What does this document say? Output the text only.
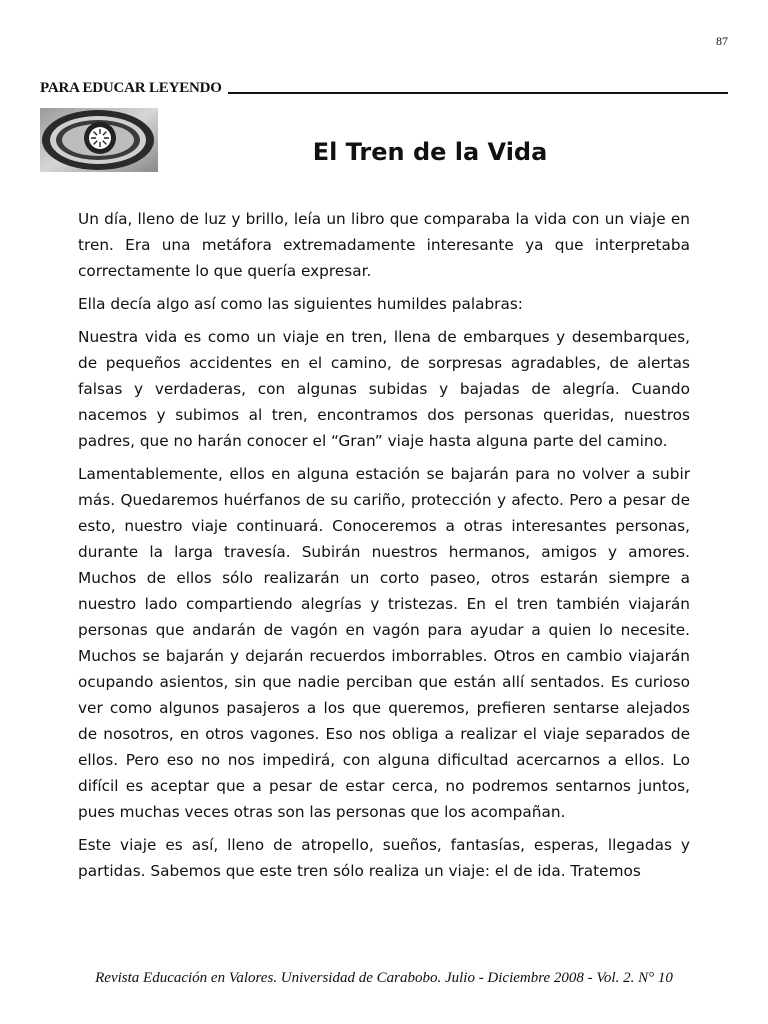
87
PARA EDUCAR LEYENDO
El Tren de la Vida

Un día, lleno de luz y brillo, leía un libro que comparaba la vida con un viaje en tren. Era una metáfora extremadamente interesante ya que interpretaba correctamente lo que quería expresar.

Ella decía algo así como las siguientes humildes palabras:

Nuestra vida es como un viaje en tren, llena de embarques y desembarques, de pequeños accidentes en el camino, de sorpresas agradables, de alertas falsas y verdaderas, con algunas subidas y bajadas de alegría. Cuando nacemos y subimos al tren, encontramos dos personas queridas, nuestros padres, que no harán conocer el “Gran” viaje hasta alguna parte del camino.

Lamentablemente, ellos en alguna estación se bajarán para no volver a subir más. Quedaremos huérfanos de su cariño, protección y afecto. Pero a pesar de esto, nuestro viaje continuará. Conoceremos a otras interesantes personas, durante la larga travesía. Subirán nuestros hermanos, amigos y amores. Muchos de ellos sólo realizarán un corto paseo, otros estarán siempre a nuestro lado compartiendo alegrías y tristezas. En el tren también viajarán personas que andarán de vagón en vagón para ayudar a quien lo necesite. Muchos se bajarán y dejarán recuerdos imborrables. Otros en cambio viajarán ocupando asientos, sin que nadie perciban que están allí sentados. Es curioso ver como algunos pasajeros a los que queremos, prefieren sentarse alejados de nosotros, en otros vagones. Eso nos obliga a realizar el viaje separados de ellos. Pero eso no nos impedirá, con alguna dificultad acercarnos a ellos. Lo difícil es aceptar que a pesar de estar cerca, no podremos sentarnos juntos, pues muchas veces otras son las personas que los acompañan.

Este viaje es así, lleno de atropello, sueños, fantasías, esperas, llegadas y partidas. Sabemos que este tren sólo realiza un viaje: el de ida. Tratemos

Revista Educación en Valores. Universidad de Carabobo. Julio - Diciembre 2008 - Vol. 2. N° 10
